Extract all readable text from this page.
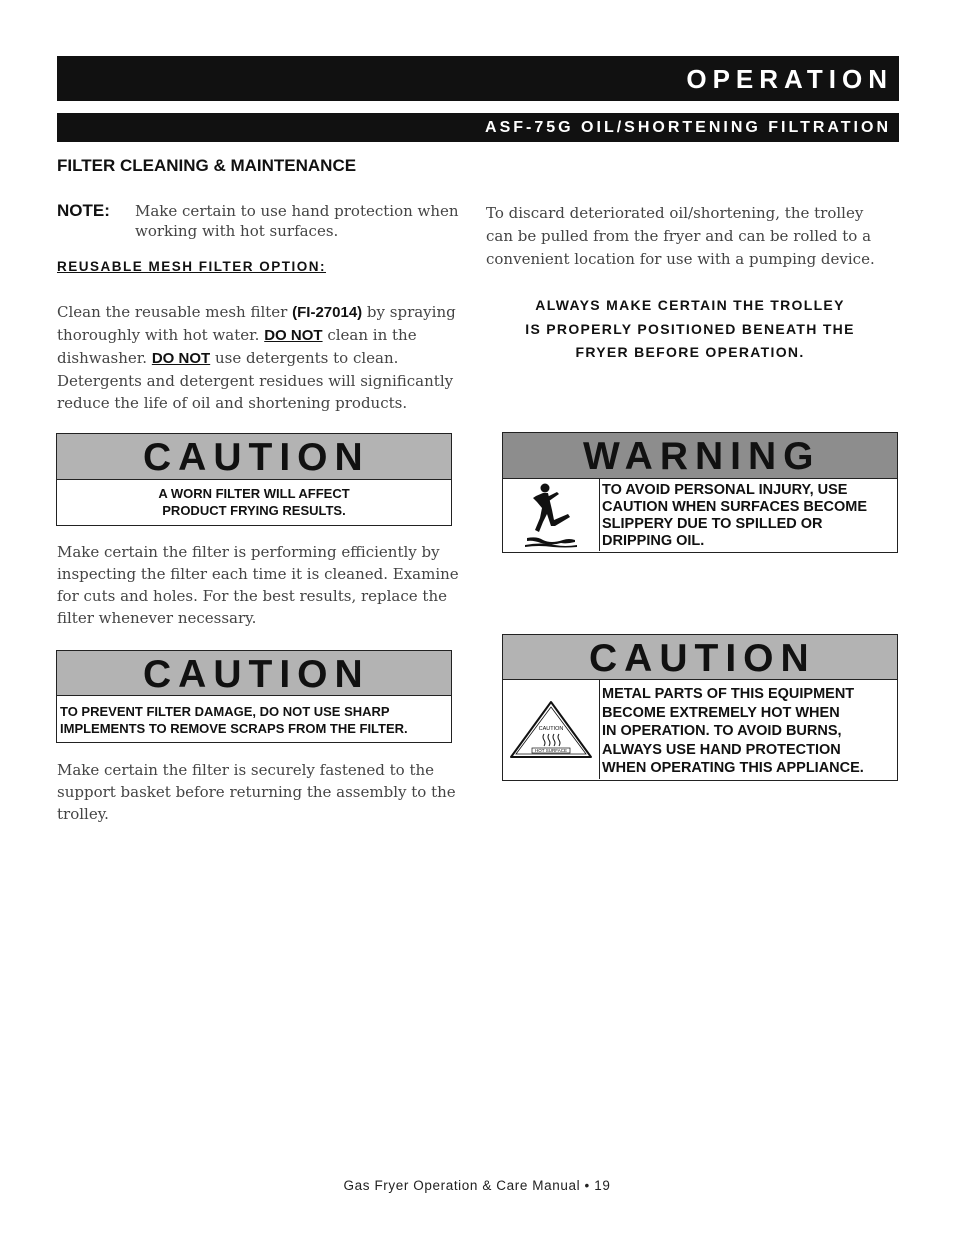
OPERATION
ASF-75G OIL/SHORTENING FILTRATION
FILTER CLEANING & MAINTENANCE
NOTE: Make certain to use hand protection when working with hot surfaces.
REUSABLE MESH FILTER OPTION:
Clean the reusable mesh filter (FI-27014) by spraying thoroughly with hot water. DO NOT clean in the dishwasher. DO NOT use detergents to clean. Detergents and detergent residues will significantly reduce the life of oil and shortening products.
CAUTION
A WORN FILTER WILL AFFECT
PRODUCT FRYING RESULTS.
Make certain the filter is performing efficiently by inspecting the filter each time it is cleaned. Examine for cuts and holes. For the best results, replace the filter whenever necessary.
CAUTION
TO PREVENT FILTER DAMAGE, DO NOT USE SHARP
IMPLEMENTS TO REMOVE SCRAPS FROM THE FILTER.
Make certain the filter is securely fastened to the support basket before returning the assembly to the trolley.
To discard deteriorated oil/shortening, the trolley can be pulled from the fryer and can be rolled to a convenient location for use with a pumping device.
ALWAYS MAKE CERTAIN THE TROLLEY
IS PROPERLY POSITIONED BENEATH THE
FRYER BEFORE OPERATION.
WARNING
TO AVOID PERSONAL INJURY, USE
CAUTION WHEN SURFACES BECOME
SLIPPERY DUE TO SPILLED OR
DRIPPING OIL.
CAUTION
CAUTION
HOT SURFACE
METAL PARTS OF THIS EQUIPMENT
BECOME EXTREMELY HOT WHEN
IN OPERATION. TO AVOID BURNS,
ALWAYS USE HAND PROTECTION
WHEN OPERATING THIS APPLIANCE.
Gas Fryer Operation & Care Manual • 19
